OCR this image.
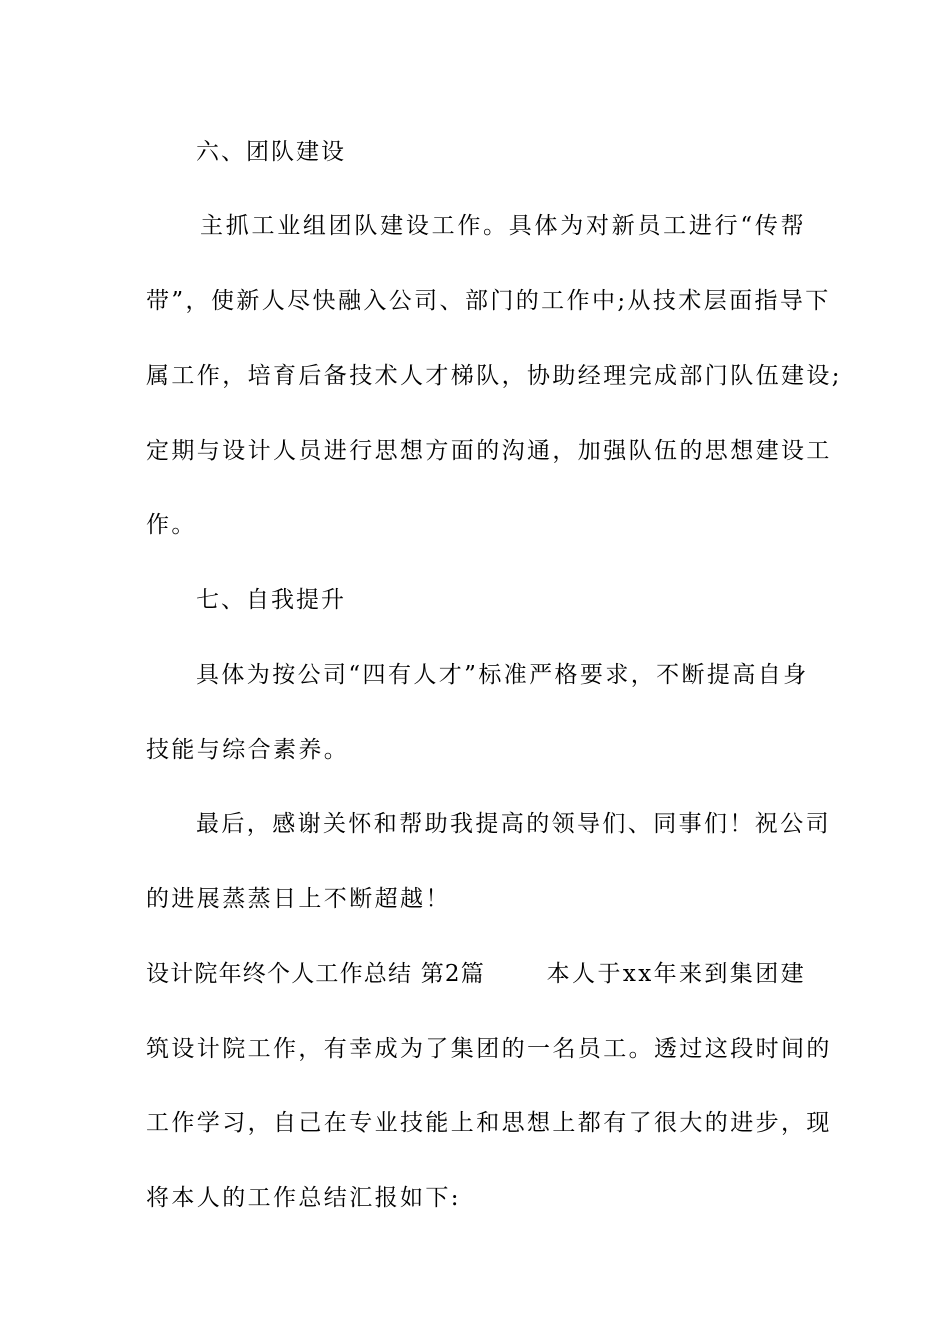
六、团队建设
主抓工业组团队建设工作。具体为对新员工进行“传帮
带”，使新人尽快融入公司、部门的工作中;从技术层面指导下
属工作，培育后备技术人才梯队，协助经理完成部门队伍建设;
定期与设计人员进行思想方面的沟通，加强队伍的思想建设工
作。
七、自我提升
具体为按公司“四有人才”标准严格要求，不断提高自身
技能与综合素养。
最后，感谢关怀和帮助我提高的领导们、同事们！祝公司
的进展蒸蒸日上不断超越！
设计院年终个人工作总结 第2篇	本人于xx年来到集团建
筑设计院工作，有幸成为了集团的一名员工。透过这段时间的
工作学习，自己在专业技能上和思想上都有了很大的进步，现
将本人的工作总结汇报如下:
